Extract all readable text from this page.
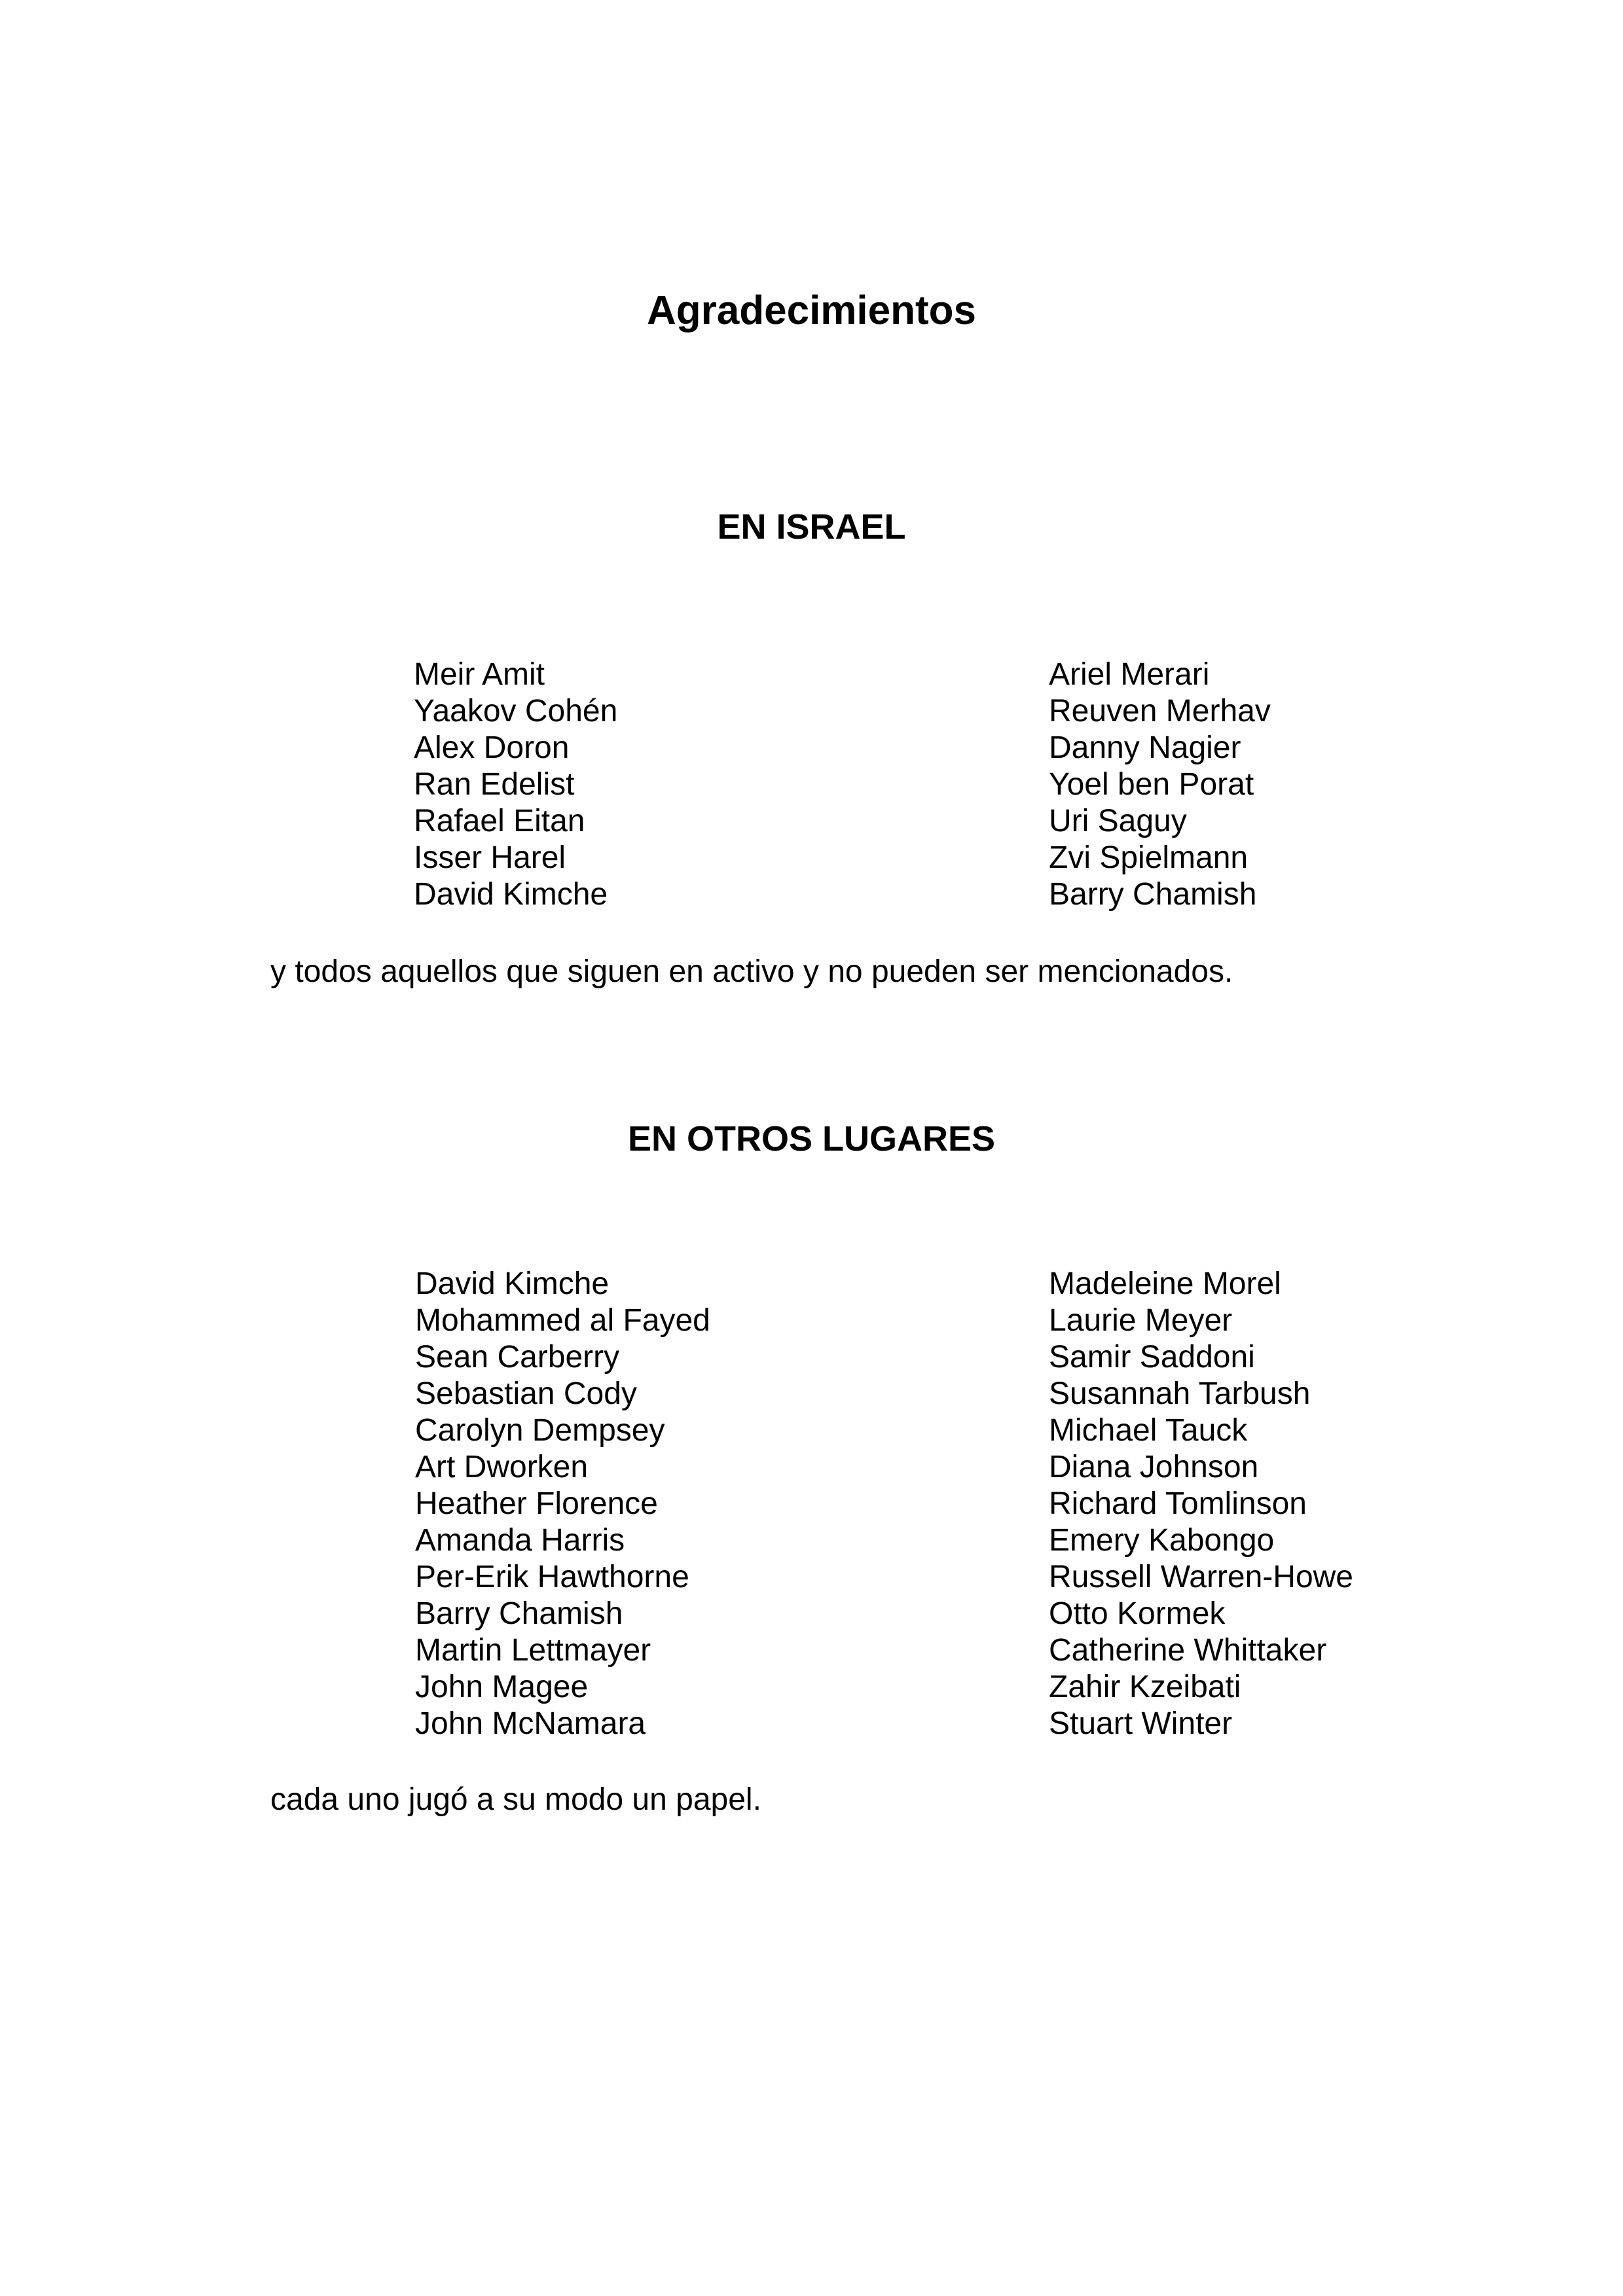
Agradecimientos
EN ISRAEL
Meir Amit
Yaakov Cohén
Alex Doron
Ran Edelist
Rafael Eitan
Isser Harel
David Kimche
Ariel Merari
Reuven Merhav
Danny Nagier
Yoel ben Porat
Uri Saguy
Zvi Spielmann
Barry Chamish

y todos aquellos que siguen en activo y no pueden ser mencionados.

EN OTROS LUGARES
David Kimche
Mohammed al Fayed
Sean Carberry
Sebastian Cody
Carolyn Dempsey
Art Dworken
Heather Florence
Amanda Harris
Per-Erik Hawthorne
Barry Chamish
Martin Lettmayer
John Magee
John McNamara
Madeleine Morel
Laurie Meyer
Samir Saddoni
Susannah Tarbush
Michael Tauck
Diana Johnson
Richard Tomlinson
Emery Kabongo
Russell Warren-Howe
Otto Kormek
Catherine Whittaker
Zahir Kzeibati
Stuart Winter

cada uno jugó a su modo un papel.
